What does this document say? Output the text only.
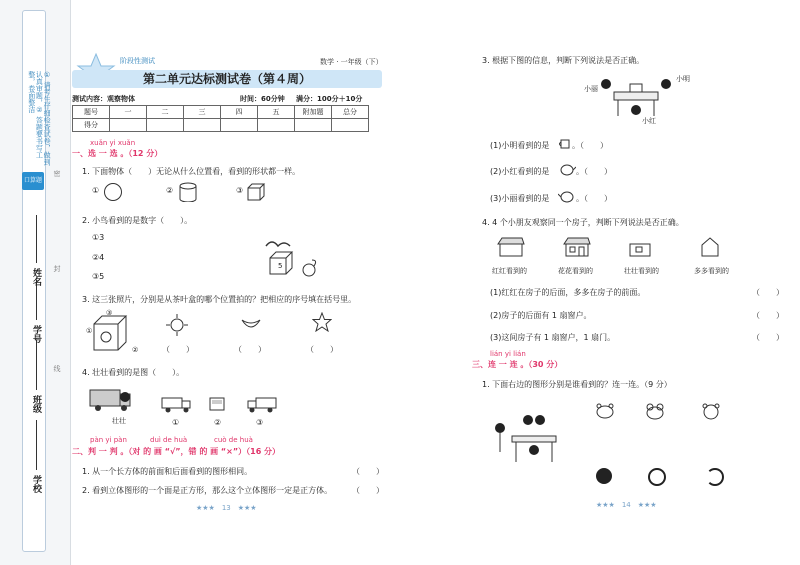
① 请考生仔细检查试卷，做到认真审题，② 答题要书写工整，卷面整洁
口算题卡
密
封
线
学校
班级
学号
姓名
阶段性测试	数学 · 一年级（下）
第二单元达标测试卷（第４周）
测试内容：观察物体	时间：60分钟 满分：100分＋10分
题号	一	二	三	四	五	附加题	总分
得分							
xuǎn yi xuǎn
一、选 一 选 。（12 分）
1. 下面物体（　　）无论从什么位置看，看到的形状都一样。
①	②	③
2. 小鸟看到的是数字（　　）。
①3
②4
③5
5
3. 这三张照片，分别是从茶叶盒的哪个位置拍的？把相应的序号填在括号里。
③
①
②	（　　）	（　　）	（　　）
4. 壮壮看到的是图（　　）。
壮壮	①	②	③
pàn yi pàn	duì de huà	cuò de huà
二、判 一 判 。（对 的 画 “√”，错 的 画 “×”）（16 分）
1. 从一个长方体的前面和后面看到的图形相同。	（　　）
2. 看到立体图形的一个面是正方形，那么这个立体图形一定是正方体。 （　　）
★★★　13　★★★
3. 根据下图的信息，判断下列说法是否正确。
小丽
小明
小红
(1)小明看到的是	。（　　）
(2)小红看到的是	。（　　）
(3)小丽看到的是	。（　　）
4. 4 个小朋友观察同一个房子，判断下列说法是否正确。
红红看到的	花花看到的	壮壮看到的	多多看到的
(1)红红在房子的后面，多多在房子的前面。	（　　）
(2)房子的后面有 1 扇窗户。	（　　）
(3)这间房子有 1 扇窗户，1 扇门。	（　　）
lián yi lián
三、连 一 连 。（30 分）
1. 下面右边的图形分别是谁看到的？连一连。（9 分）
★★★　14　★★★
